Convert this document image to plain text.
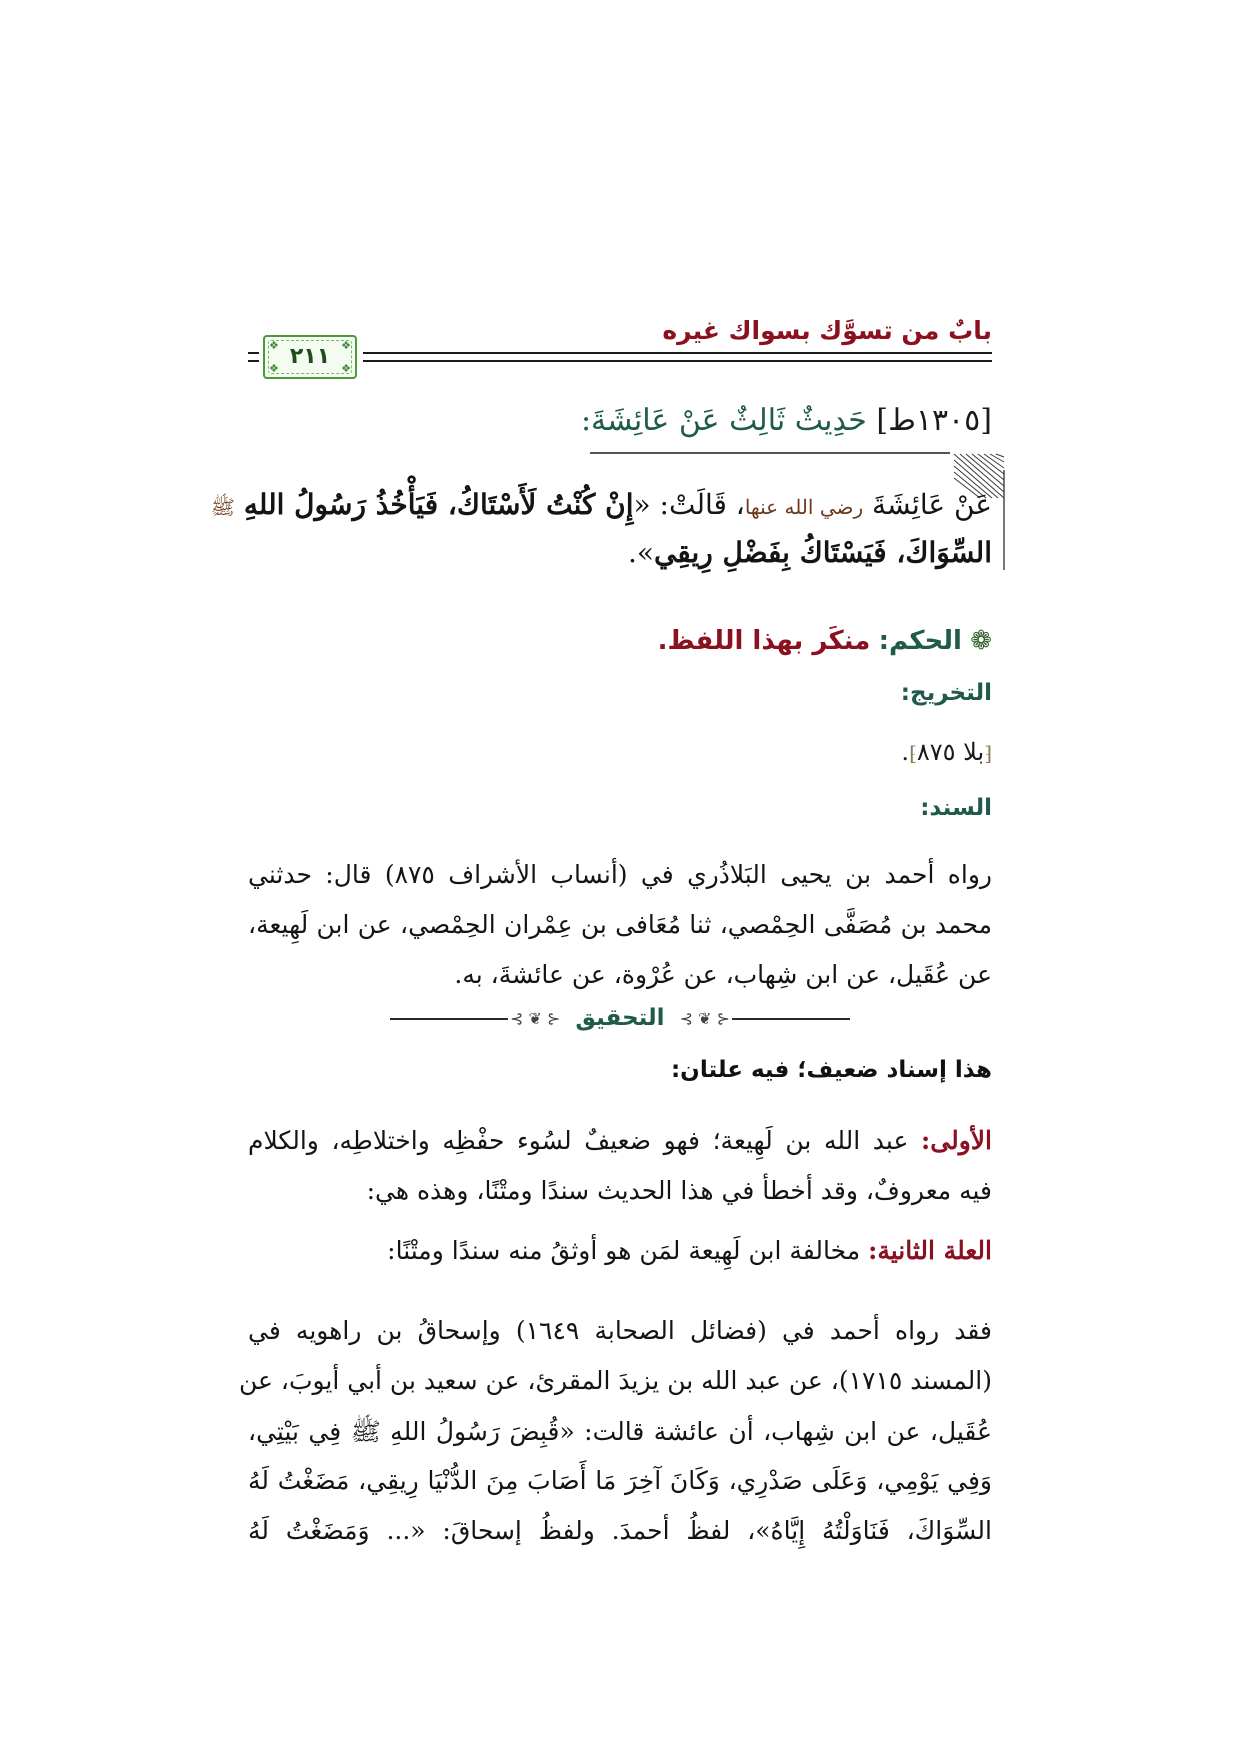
بابٌ من تسوَّك بسواك غيره
❖	❖
❖	❖
٢١١
[١٣٠٥ط] حَدِيثٌ ثَالِثٌ عَنْ عَائِشَةَ:
عَنْ عَائِشَةَ رضي الله عنها، قَالَتْ: «إِنْ كُنْتُ لَأَسْتَاكُ، فَيَأْخُذُ رَسُولُ اللهِ ﷺ
السِّوَاكَ، فَيَسْتَاكُ بِفَضْلِ رِيقِي».
❁ الحكم: منكَر بهذا اللفظ.
التخريج:
⁅بلا ٨٧٥⁆.
السند:
رواه أحمد بن يحيى البَلاذُري في (أنساب الأشراف ٨٧٥) قال: حدثني
محمد بن مُصَفَّى الحِمْصي، ثنا مُعَافى بن عِمْران الحِمْصي، عن ابن لَهِيعة،
عن عُقَيل، عن ابن شِهاب، عن عُرْوة، عن عائشةَ، به.
⊰ ❦ ⊱	⊰ ❦ ⊱
التحقيق
هذا إسناد ضعيف؛ فيه علتان:
الأولى: عبد الله بن لَهِيعة؛ فهو ضعيفٌ لسُوء حفْظِه واختلاطِه، والكلام
فيه معروفٌ، وقد أخطأ في هذا الحديث سندًا ومتْنًا، وهذه هي:
العلة الثانية: مخالفة ابن لَهِيعة لمَن هو أوثقُ منه سندًا ومتْنًا:
فقد رواه أحمد في (فضائل الصحابة ١٦٤٩) وإسحاقُ بن راهويه في
(المسند ١٧١٥)، عن عبد الله بن يزيدَ المقرئ، عن سعيد بن أبي أيوبَ، عن
عُقَيل، عن ابن شِهاب، أن عائشة قالت: «قُبِضَ رَسُولُ اللهِ ﷺ فِي بَيْتِي،
وَفِي يَوْمِي، وَعَلَى صَدْرِي، وَكَانَ آخِرَ مَا أَصَابَ مِنَ الدُّنْيَا رِيقِي، مَضَغْتُ لَهُ
السِّوَاكَ، فَنَاوَلْتُهُ إِيَّاهُ»، لفظُ أحمدَ. ولفظُ إسحاقَ: «... وَمَضَغْتُ لَهُ
